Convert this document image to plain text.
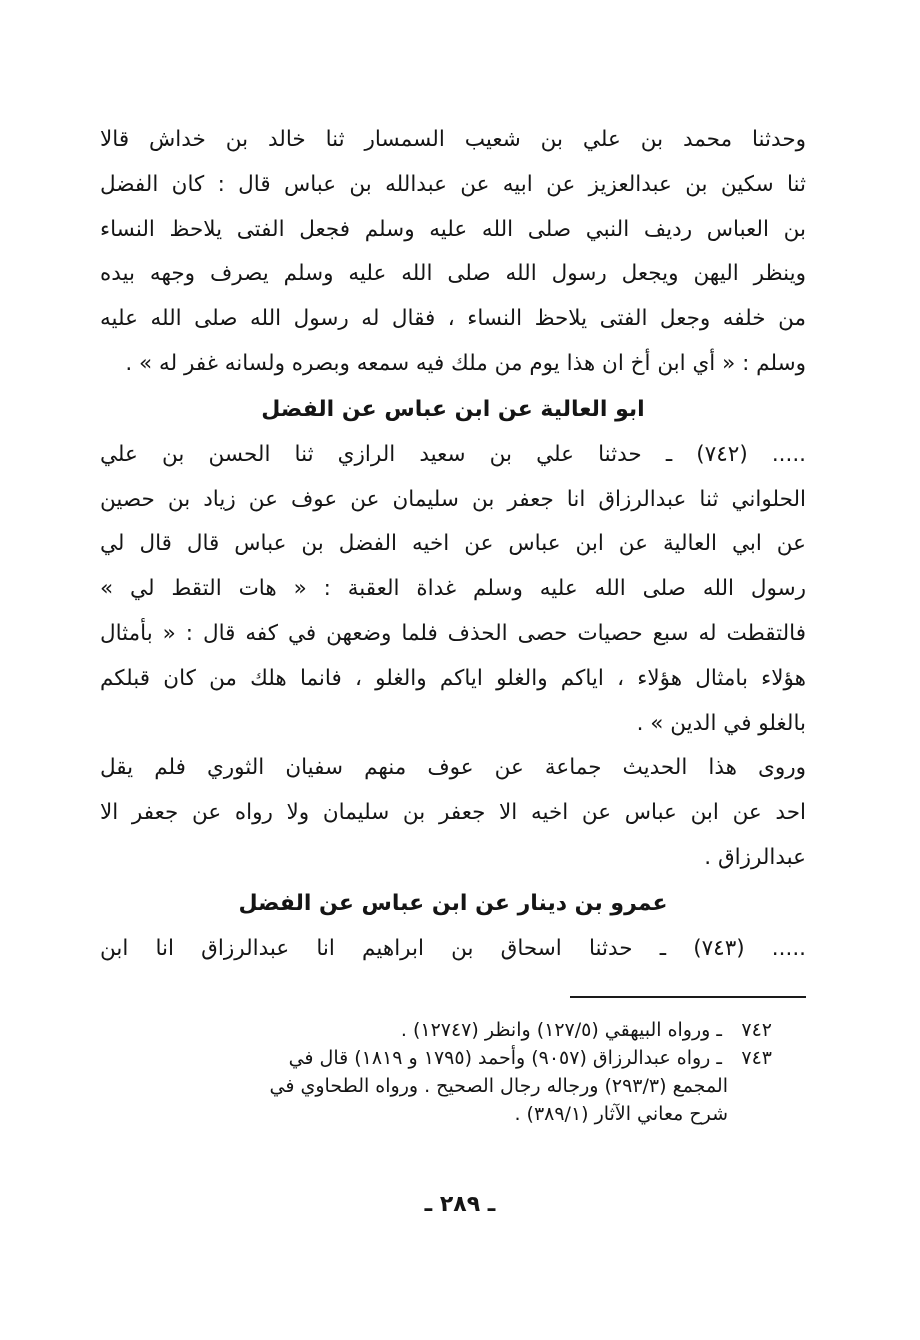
وحدثنا محمد بن علي بن شعيب السمسار ثنا خالد بن خداش قالا
ثنا سكين بن عبدالعزيز عن ابيه عن عبدالله بن عباس قال : كان الفضل
بن العباس رديف النبي صلى الله عليه وسلم فجعل الفتى يلاحظ النساء
وينظر اليهن ويجعل رسول الله صلى الله عليه وسلم يصرف وجهه بيده
من خلفه وجعل الفتى يلاحظ النساء ، فقال له رسول الله صلى الله عليه
وسلم : « أي ابن أخ ان هذا يوم من ملك فيه سمعه وبصره ولسانه غفر له » .

ابو العالية عن ابن عباس عن الفضل

..... (٧٤٢) ـ حدثنا علي بن سعيد الرازي ثنا الحسن بن علي
الحلواني ثنا عبدالرزاق انا جعفر بن سليمان عن عوف عن زياد بن حصين
عن ابي العالية عن ابن عباس عن اخيه الفضل بن عباس قال قال لي
رسول الله صلى الله عليه وسلم غداة العقبة : « هات التقط لي »
فالتقطت له سبع حصيات حصى الحذف فلما وضعهن في كفه قال : « بأمثال
هؤلاء بامثال هؤلاء ، اياكم والغلو اياكم والغلو ، فانما هلك من كان قبلكم
بالغلو في الدين » .

وروى هذا الحديث جماعة عن عوف منهم سفيان الثوري فلم يقل
احد عن ابن عباس عن اخيه الا جعفر بن سليمان ولا رواه عن جعفر الا
عبدالرزاق .

عمرو بن دينار عن ابن عباس عن الفضل

..... (٧٤٣) ـ حدثنا اسحاق بن ابراهيم انا عبدالرزاق انا ابن

٧٤٢ ـ ورواه البيهقي (١٢٧/٥) وانظر (١٢٧٤٧) .
٧٤٣ ـ رواه عبدالرزاق (٩٠٥٧) وأحمد (١٧٩٥ و ١٨١٩) قال في
المجمع (٢٩٣/٣) ورجاله رجال الصحيح . ورواه الطحاوي في
شرح معاني الآثار (٣٨٩/١) .
ـ ٢٨٩ ـ
